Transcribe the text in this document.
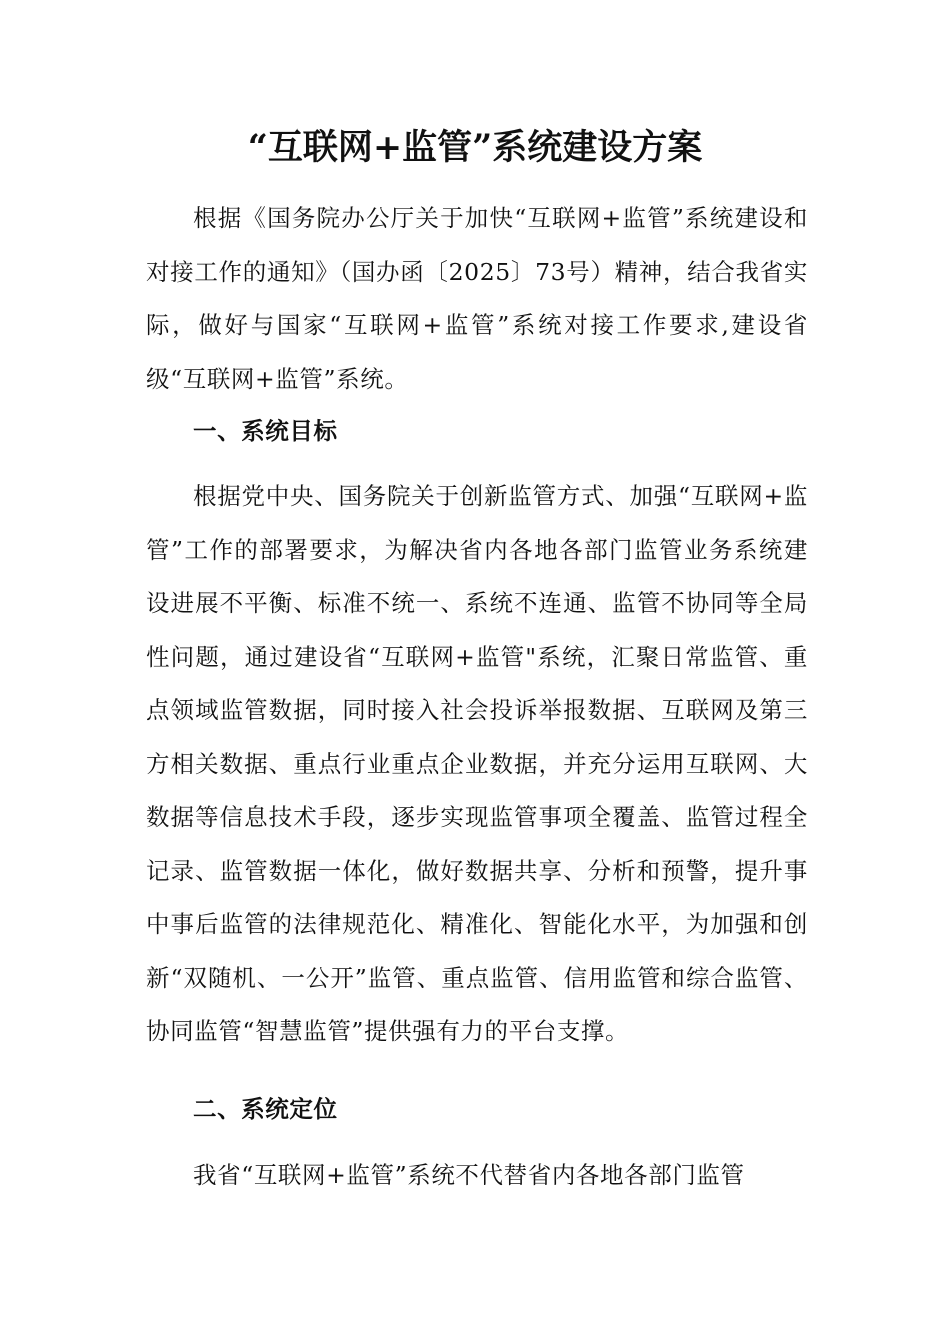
“互联网+监管”系统建设方案

根据《国务院办公厅关于加快“互联网+监管”系统建设和对接工作的通知》（国办函〔2025〕73号）精神，结合我省实际，做好与国家“互联网+监管”系统对接工作要求,建设省级“互联网+监管”系统。

一、系统目标

根据党中央、国务院关于创新监管方式、加强“互联网+监管”工作的部署要求，为解决省内各地各部门监管业务系统建设进展不平衡、标准不统一、系统不连通、监管不协同等全局性问题，通过建设省“互联网+监管"系统，汇聚日常监管、重点领域监管数据，同时接入社会投诉举报数据、互联网及第三方相关数据、重点行业重点企业数据，并充分运用互联网、大数据等信息技术手段，逐步实现监管事项全覆盖、监管过程全记录、监管数据一体化，做好数据共享、分析和预警，提升事中事后监管的法律规范化、精准化、智能化水平，为加强和创新“双随机、一公开”监管、重点监管、信用监管和综合监管、协同监管“智慧监管”提供强有力的平台支撑。

二、系统定位

我省“互联网+监管”系统不代替省内各地各部门监管
